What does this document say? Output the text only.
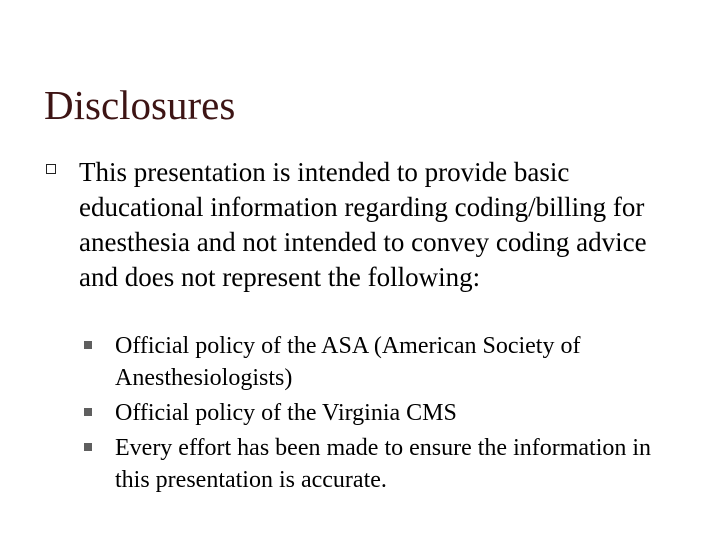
Disclosures
This presentation is intended to provide basic educational information regarding coding/billing for anesthesia and not intended to convey coding advice and does not represent the following:
Official policy of the ASA (American Society of Anesthesiologists)
Official policy of the Virginia CMS
Every effort has been made to ensure the information in this presentation is accurate.
